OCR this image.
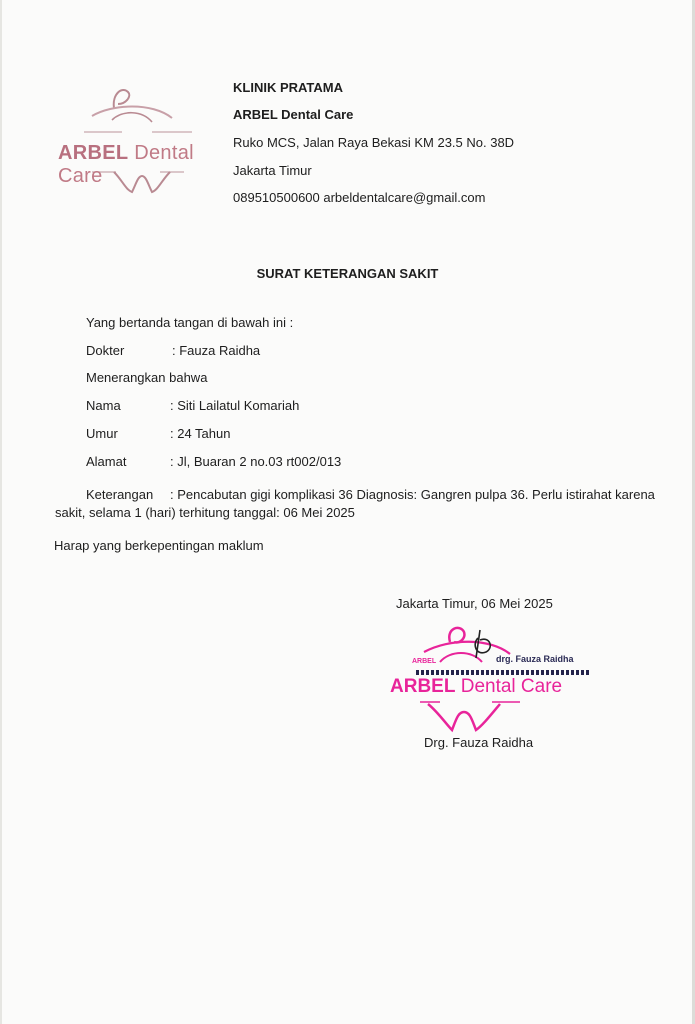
ARBEL Dental Care
KLINIK PRATAMA
ARBEL Dental Care
Ruko MCS, Jalan Raya Bekasi KM 23.5 No. 38D
Jakarta Timur
089510500600 arbeldentalcare@gmail.com
SURAT KETERANGAN SAKIT
Yang bertanda tangan di bawah ini :
Dokter	: Fauza Raidha
Menerangkan bahwa
Nama	: Siti Lailatul Komariah
Umur	: 24 Tahun
Alamat	: Jl, Buaran 2 no.03 rt002/013
Keterangan : Pencabutan gigi komplikasi 36 Diagnosis: Gangren pulpa 36. Perlu istirahat karena
sakit, selama 1 (hari) terhitung tanggal: 06 Mei 2025
Harap yang berkepentingan maklum
Jakarta Timur, 06 Mei 2025
ARBEL	drg. Fauza Raidha
ARBEL Dental Care
Drg. Fauza Raidha
